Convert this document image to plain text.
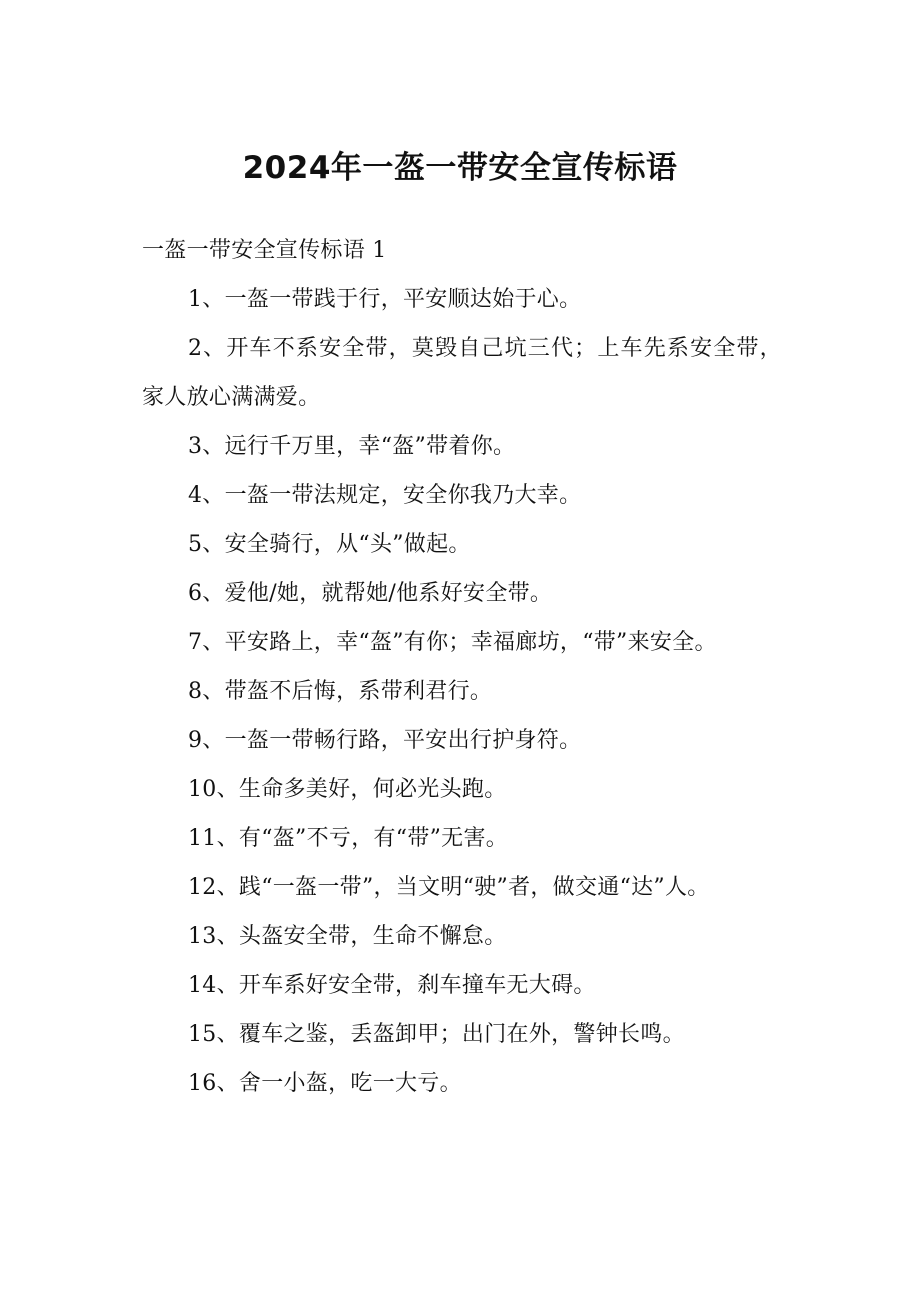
2024年一盔一带安全宣传标语

一盔一带安全宣传标语 1

1、一盔一带践于行，平安顺达始于心。
2、开车不系安全带，莫毁自己坑三代；上车先系安全带，家人放心满满爱。
3、远行千万里，幸“盔”带着你。
4、一盔一带法规定，安全你我乃大幸。
5、安全骑行，从“头”做起。
6、爱他/她，就帮她/他系好安全带。
7、平安路上，幸“盔”有你；幸福廊坊，“带”来安全。
8、带盔不后悔，系带利君行。
9、一盔一带畅行路，平安出行护身符。
10、生命多美好，何必光头跑。
11、有“盔”不亏，有“带”无害。
12、践“一盔一带”，当文明“驶”者，做交通“达”人。
13、头盔安全带，生命不懈怠。
14、开车系好安全带，刹车撞车无大碍。
15、覆车之鉴，丢盔卸甲；出门在外，警钟长鸣。
16、舍一小盔，吃一大亏。
